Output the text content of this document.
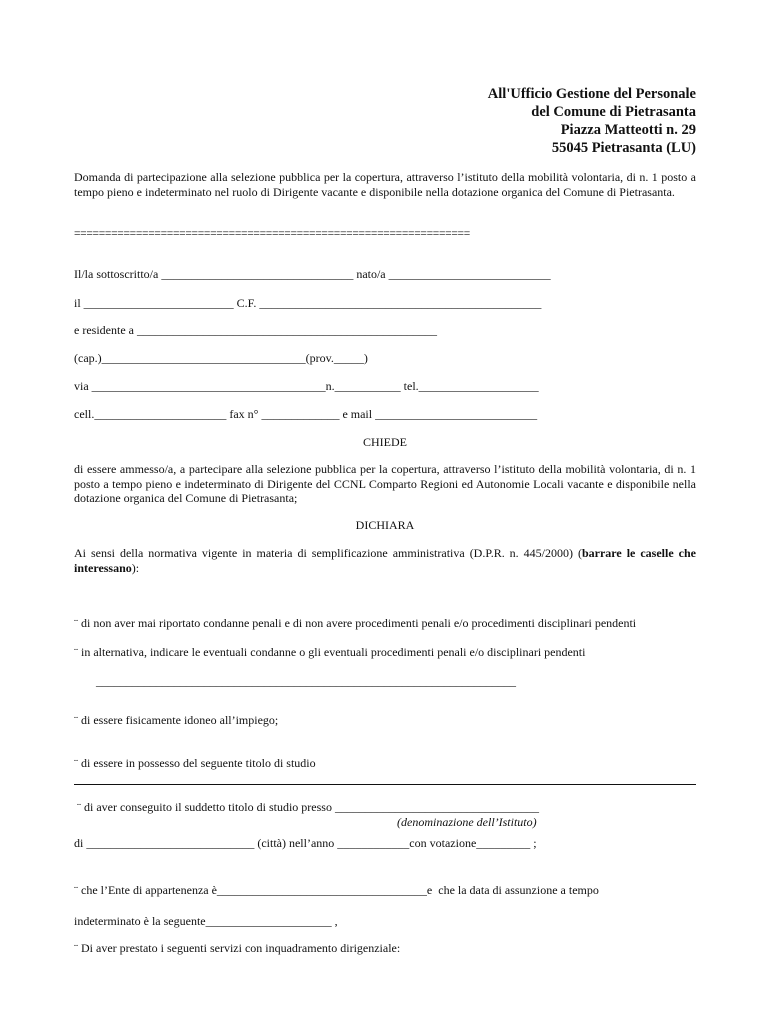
All'Ufficio Gestione del Personale
del Comune di Pietrasanta
Piazza Matteotti n. 29
55045 Pietrasanta (LU)
Domanda di partecipazione alla selezione pubblica per la copertura, attraverso l’istituto della mobilità volontaria, di n. 1 posto a tempo pieno e indeterminato nel ruolo di Dirigente vacante e disponibile nella dotazione organica del Comune di Pietrasanta.
================================================================
Il/la sottoscritto/a ________________________________ nato/a ___________________________
il _________________________ C.F. _______________________________________________
e residente a __________________________________________________
(cap.)__________________________________(prov._____)
via _______________________________________n.___________ tel.____________________
cell.______________________ fax n° _____________ e mail ___________________________
CHIEDE
di essere ammesso/a, a partecipare alla selezione pubblica per la copertura, attraverso l’istituto della mobilità volontaria, di n. 1 posto a tempo pieno e indeterminato di Dirigente del CCNL Comparto Regioni ed Autonomie Locali vacante e disponibile nella dotazione organica del Comune di Pietrasanta;
DICHIARA
Ai sensi della normativa vigente in materia di semplificazione amministrativa (D.P.R. n. 445/2000) (barrare le caselle che interessano):
¨ di non aver mai riportato condanne penali e di non avere procedimenti penali e/o procedimenti disciplinari pendenti
¨ in alternativa, indicare le eventuali condanne o gli eventuali procedimenti penali e/o disciplinari pendenti
______________________________________________________________________
¨ di essere fisicamente idoneo all’impiego;
¨ di essere in possesso del seguente titolo di studio
¨ di aver conseguito il suddetto titolo di studio presso __________________________________
(denominazione dell’Istituto)
di ____________________________ (città) nell’anno ____________con votazione_________ ;
¨ che l’Ente di appartenenza è___________________________________e  che la data di assunzione a tempo
indeterminato è la seguente_____________________ ,
¨ Di aver prestato i seguenti servizi con inquadramento dirigenziale:
